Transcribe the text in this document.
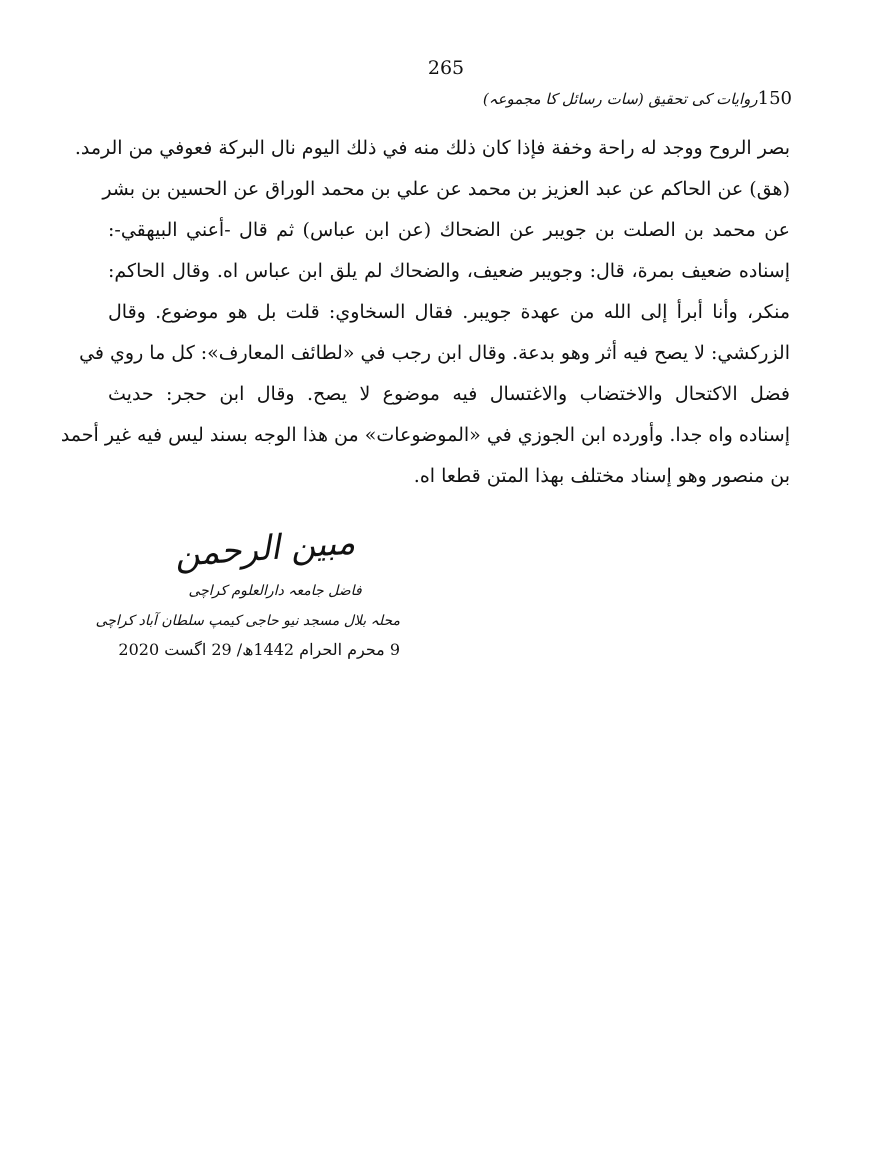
265
150روایات کی تحقیق (سات رسائل کا مجموعہ)
بصر الروح ووجد له راحة وخفة فإذا كان ذلك منه في ذلك اليوم نال البركة فعوفي من الرمد.
(هق) عن الحاكم عن عبد العزيز بن محمد عن علي بن محمد الوراق عن الحسين بن بشر
عن محمد بن الصلت بن جويبر عن الضحاك (عن ابن عباس) ثم قال -أعني البيهقي-:
إسناده ضعيف بمرة، قال: وجويبر ضعيف، والضحاك لم يلق ابن عباس اه. وقال الحاكم:
منكر، وأنا أبرأ إلى الله من عهدة جويبر. فقال السخاوي: قلت بل هو موضوع. وقال
الزركشي: لا يصح فيه أثر وهو بدعة. وقال ابن رجب في «لطائف المعارف»: كل ما روي في
فضل الاكتحال والاختضاب والاغتسال فيه موضوع لا يصح. وقال ابن حجر: حديث
إسناده واه جدا. وأورده ابن الجوزي في «الموضوعات» من هذا الوجه بسند ليس فيه غير أحمد
بن منصور وهو إسناد مختلف بهذا المتن قطعا اه.
مبین الرحمن
فاضل جامعہ دارالعلوم کراچی
محلہ بلال مسجد نیو حاجی کیمپ سلطان آباد کراچی
9 محرم الحرام 1442ھ/ 29 اگست 2020
